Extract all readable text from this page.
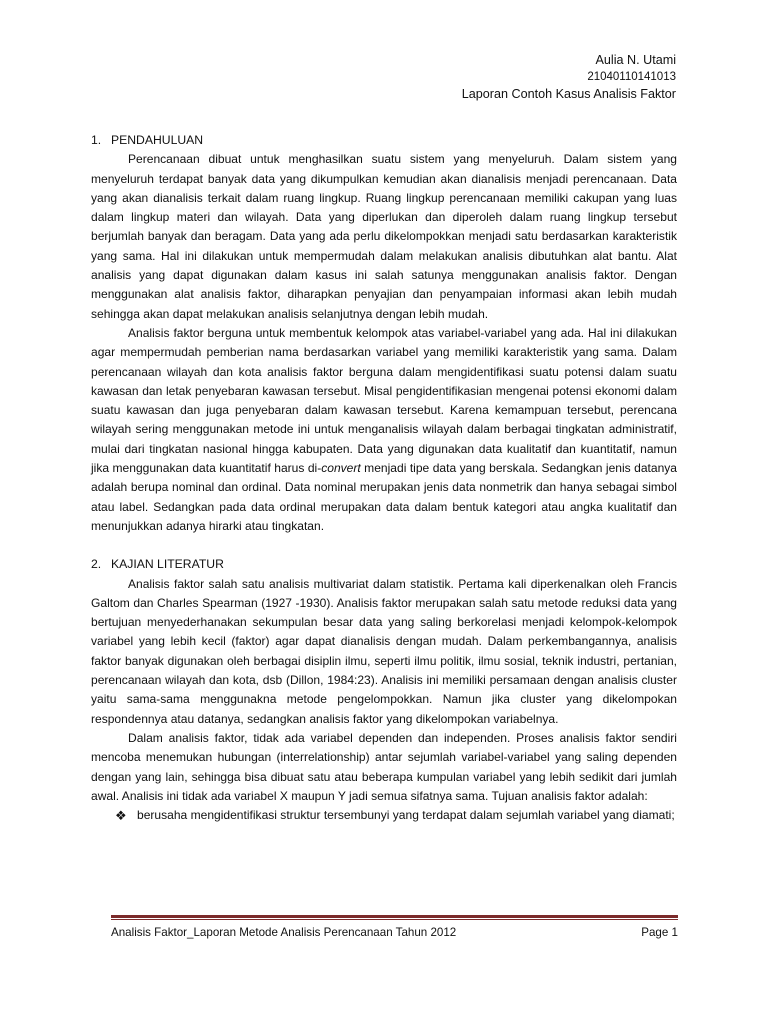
Aulia N. Utami
21040110141013
Laporan Contoh Kasus Analisis Faktor
1. PENDAHULUAN

Perencanaan dibuat untuk menghasilkan suatu sistem yang menyeluruh. Dalam sistem yang menyeluruh terdapat banyak data yang dikumpulkan kemudian akan dianalisis menjadi perencanaan. Data yang akan dianalisis terkait dalam ruang lingkup. Ruang lingkup perencanaan memiliki cakupan yang luas dalam lingkup materi dan wilayah. Data yang diperlukan dan diperoleh dalam ruang lingkup tersebut berjumlah banyak dan beragam. Data yang ada perlu dikelompokkan menjadi satu berdasarkan karakteristik yang sama. Hal ini dilakukan untuk mempermudah dalam melakukan analisis dibutuhkan alat bantu. Alat analisis yang dapat digunakan dalam kasus ini salah satunya menggunakan analisis faktor. Dengan menggunakan alat analisis faktor, diharapkan penyajian dan penyampaian informasi akan lebih mudah sehingga akan dapat melakukan analisis selanjutnya dengan lebih mudah.

Analisis faktor berguna untuk membentuk kelompok atas variabel-variabel yang ada. Hal ini dilakukan agar mempermudah pemberian nama berdasarkan variabel yang memiliki karakteristik yang sama. Dalam perencanaan wilayah dan kota analisis faktor berguna dalam mengidentifikasi suatu potensi dalam suatu kawasan dan letak penyebaran kawasan tersebut. Misal pengidentifikasian mengenai potensi ekonomi dalam suatu kawasan dan juga penyebaran dalam kawasan tersebut. Karena kemampuan tersebut, perencana wilayah sering menggunakan metode ini untuk menganalisis wilayah dalam berbagai tingkatan administratif, mulai dari tingkatan nasional hingga kabupaten. Data yang digunakan data kualitatif dan kuantitatif, namun jika menggunakan data kuantitatif harus di-convert menjadi tipe data yang berskala. Sedangkan jenis datanya adalah berupa nominal dan ordinal. Data nominal merupakan jenis data nonmetrik dan hanya sebagai simbol atau label. Sedangkan pada data ordinal merupakan data dalam bentuk kategori atau angka kualitatif dan menunjukkan adanya hirarki atau tingkatan.

2. KAJIAN LITERATUR

Analisis faktor salah satu analisis multivariat dalam statistik. Pertama kali diperkenalkan oleh Francis Galtom dan Charles Spearman (1927 -1930). Analisis faktor merupakan salah satu metode reduksi data yang bertujuan menyederhanakan sekumpulan besar data yang saling berkorelasi menjadi kelompok-kelompok variabel yang lebih kecil (faktor) agar dapat dianalisis dengan mudah. Dalam perkembangannya, analisis faktor banyak digunakan oleh berbagai disiplin ilmu, seperti ilmu politik, ilmu sosial, teknik industri, pertanian, perencanaan wilayah dan kota, dsb (Dillon, 1984:23). Analisis ini memiliki persamaan dengan analisis cluster yaitu sama-sama menggunakna metode pengelompokkan. Namun jika cluster yang dikelompokan respondennya atau datanya, sedangkan analisis faktor yang dikelompokan variabelnya.

Dalam analisis faktor, tidak ada variabel dependen dan independen. Proses analisis faktor sendiri mencoba menemukan hubungan (interrelationship) antar sejumlah variabel-variabel yang saling dependen dengan yang lain, sehingga bisa dibuat satu atau beberapa kumpulan variabel yang lebih sedikit dari jumlah awal. Analisis ini tidak ada variabel X maupun Y jadi semua sifatnya sama. Tujuan analisis faktor adalah:

❖ berusaha mengidentifikasi struktur tersembunyi yang terdapat dalam sejumlah variabel yang diamati;
Analisis Faktor_Laporan Metode Analisis Perencanaan Tahun 2012	Page 1
